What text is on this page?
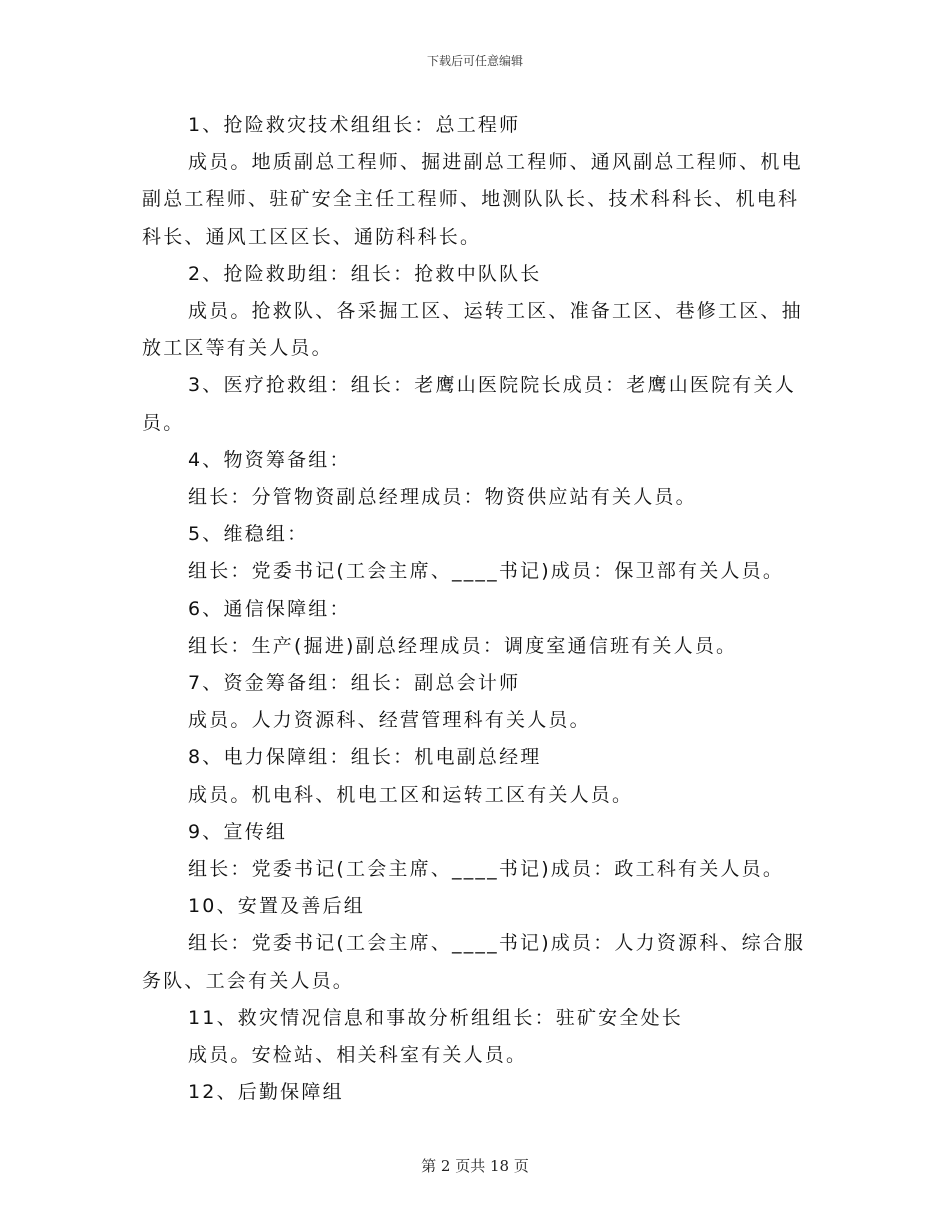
下载后可任意编辑

1、抢险救灾技术组组长：总工程师

成员。地质副总工程师、掘进副总工程师、通风副总工程师、机电副总工程师、驻矿安全主任工程师、地测队队长、技术科科长、机电科科长、通风工区区长、通防科科长。

2、抢险救助组：组长：抢救中队队长

成员。抢救队、各采掘工区、运转工区、准备工区、巷修工区、抽放工区等有关人员。

3、医疗抢救组：组长：老鹰山医院院长成员：老鹰山医院有关人员。

4、物资筹备组：

组长：分管物资副总经理成员：物资供应站有关人员。

5、维稳组：

组长：党委书记(工会主席、____书记)成员：保卫部有关人员。

6、通信保障组：

组长：生产(掘进)副总经理成员：调度室通信班有关人员。

7、资金筹备组：组长：副总会计师

成员。人力资源科、经营管理科有关人员。

8、电力保障组：组长：机电副总经理

成员。机电科、机电工区和运转工区有关人员。

9、宣传组

组长：党委书记(工会主席、____书记)成员：政工科有关人员。

10、安置及善后组

组长：党委书记(工会主席、____书记)成员：人力资源科、综合服务队、工会有关人员。

11、救灾情况信息和事故分析组组长：驻矿安全处长

成员。安检站、相关科室有关人员。

12、后勤保障组

第 2 页共 18 页
